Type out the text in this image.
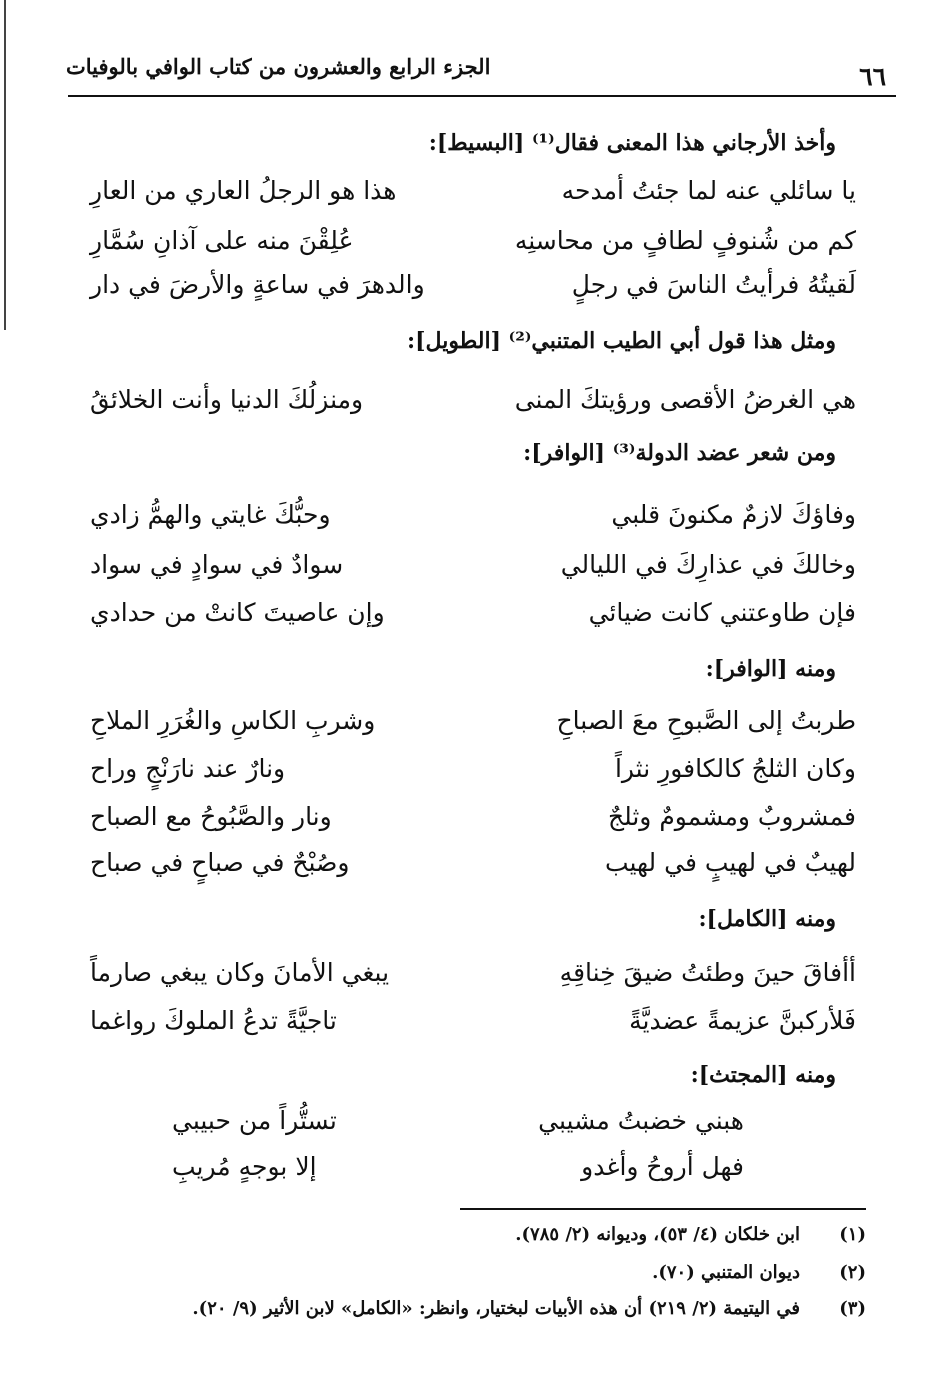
٦٦
الجزء الرابع والعشرون من كتاب الوافي بالوفيات
وأخذ الأرجاني هذا المعنى فقال⁽¹⁾ [البسيط]:
يا سائلي عنه لما جئتُ أمدحه
هذا هو الرجلُ العاري من العارِ
كم من شُنوفٍ لطافٍ من محاسنِه
عُلِقْنَ منه على آذانِ سُمَّارِ
لَقيتُهُ فرأيتُ الناسَ في رجلٍ
والدهرَ في ساعةٍ والأرضَ في دار
ومثل هذا قول أبي الطيب المتنبي⁽²⁾ [الطويل]:
هي الغرضُ الأقصى ورؤيتكَ المنى
ومنزلُكَ الدنيا وأنت الخلائقُ
ومن شعر عضد الدولة⁽³⁾ [الوافر]:
وفاؤكَ لازمٌ مكنونَ قلبي
وحبُّكَ غايتي والهمُّ زادي
وخالكَ في عذارِكَ في الليالي
سوادٌ في سوادٍ في سواد
فإن طاوعتني كانت ضيائي
وإن عاصيتَ كانتْ من حدادي
ومنه [الوافر]:
طربتُ إلى الصَّبوحِ معَ الصباحِ
وشربِ الكاسِ والغُرَرِ الملاحِ
وكان الثلجُ كالكافورِ نثراً
ونارٌ عند نارَنْجٍ وراح
فمشروبٌ ومشمومٌ وثلجٌ
ونار والصَّبُوحُ مع الصباح
لهيبٌ في لهيبٍ في لهيب
وصُبْحٌ في صباحٍ في صباح
ومنه [الكامل]:
أأفاقَ حينَ وطئتُ ضيقَ خِناقِهِ
يبغي الأمانَ وكان يبغي صارماً
فَلأركبنَّ عزيمةً عضديَّةً
تاجيَّةً تدعُ الملوكَ رواغما
ومنه [المجتث]:
هبني خضبتُ مشيبي
تستُّراً من حبيبي
فهل أروحُ وأغدو
إلا بوجهٍ مُريبِ
(١)
ابن خلكان (٤/ ٥٣)، وديوانه (٢/ ٧٨٥).
(٢)
ديوان المتنبي (٧٠).
(٣)
في اليتيمة (٢/ ٢١٩) أن هذه الأبيات لبختيار، وانظر: «الكامل» لابن الأثير (٩/ ٢٠).
